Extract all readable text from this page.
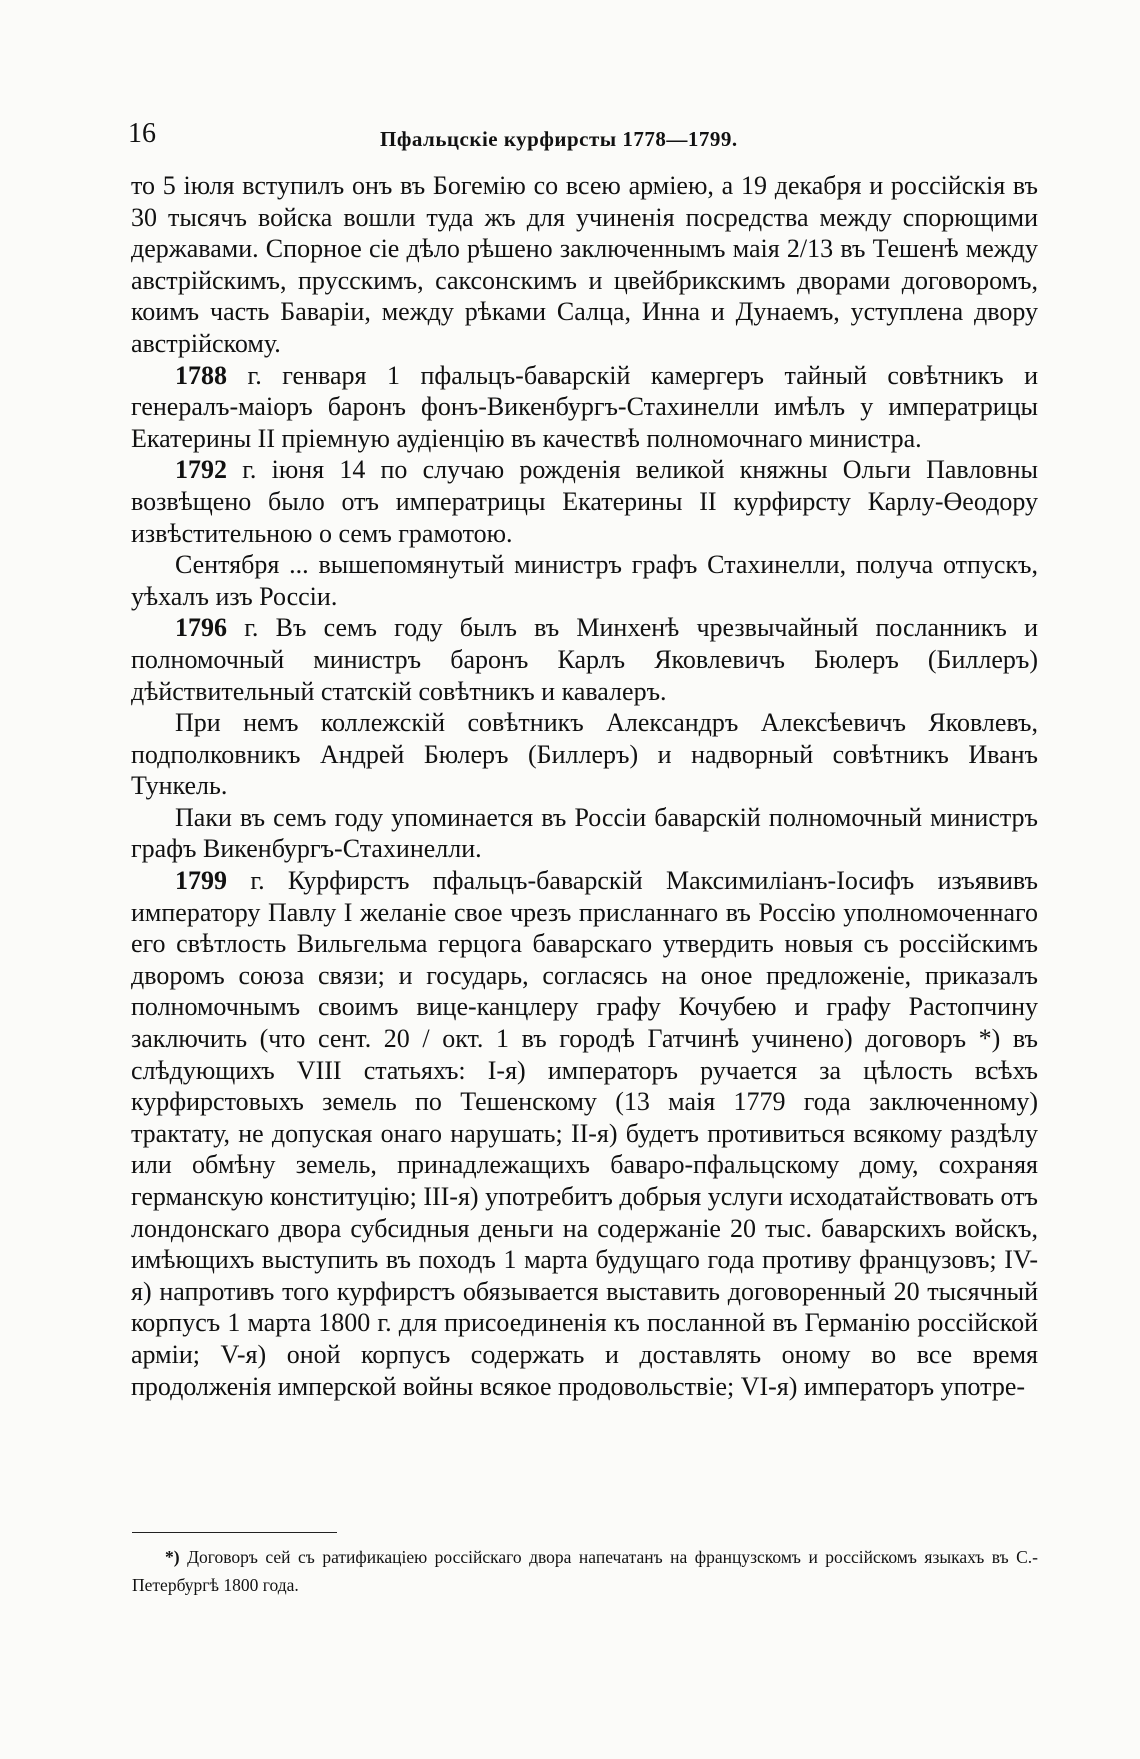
16	Пфальцскіе курфирсты 1778—1799.

то 5 іюля вступилъ онъ въ Богемію со всею арміею, а 19 декабря и россійскія въ 30 тысячъ войска вошли туда жъ для учиненія посредства между спорющими державами. Спорное сіе дѣло рѣшено заключеннымъ маія 2/13 въ Тешенѣ между австрійскимъ, прусскимъ, саксонскимъ и цвейбрикскимъ дворами договоромъ, коимъ часть Баваріи, между рѣками Салца, Инна и Дунаемъ, уступлена двору австрійскому.

1788 г. генваря 1 пфальцъ-баварскій камергеръ тайный совѣтникъ и генералъ-маіоръ баронъ фонъ-Викенбургъ-Стахинелли имѣлъ у императрицы Екатерины II пріемную аудіенцію въ качествѣ полномочнаго министра.

1792 г. іюня 14 по случаю рожденія великой княжны Ольги Павловны возвѣщено было отъ императрицы Екатерины II курфирсту Карлу-Өеодору извѣстительною о семъ грамотою.

Сентября ... вышепомянутый министръ графъ Стахинелли, получа отпускъ, уѣхалъ изъ Россіи.

1796 г. Въ семъ году былъ въ Минхенѣ чрезвычайный посланникъ и полномочный министръ баронъ Карлъ Яковлевичъ Бюлеръ (Биллеръ) дѣйствительный статскій совѣтникъ и кавалеръ.

При немъ коллежскій совѣтникъ Александръ Алексѣевичъ Яковлевъ, подполковникъ Андрей Бюлеръ (Биллеръ) и надворный совѣтникъ Иванъ Тункель.

Паки въ семъ году упоминается въ Россіи баварскій полномочный министръ графъ Викенбургъ-Стахинелли.

1799 г. Курфирстъ пфальцъ-баварскій Максимиліанъ-Іосифъ изъявивъ императору Павлу I желаніе свое чрезъ присланнаго въ Россію уполномоченнаго его свѣтлость Вильгельма герцога баварскаго утвердить новыя съ россійскимъ дворомъ союза связи; и государь, согласясь на оное предложеніе, приказалъ полномочнымъ своимъ вице-канцлеру графу Кочубею и графу Растопчину заключить (что сент. 20 / окт. 1 въ городѣ Гатчинѣ учинено) договоръ *) въ слѣдующихъ VIII статьяхъ: I-я) императоръ ручается за цѣлость всѣхъ курфирстовыхъ земель по Тешенскому (13 маія 1779 года заключенному) трактату, не допуская онаго нарушать; II-я) будетъ противиться всякому раздѣлу или обмѣну земель, принадлежащихъ баваро-пфальцскому дому, сохраняя германскую конституцію; III-я) употребитъ добрыя услуги исходатайствовать отъ лондонскаго двора субсидныя деньги на содержаніе 20 тыс. баварскихъ войскъ, имѣющихъ выступить въ походъ 1 марта будущаго года противу французовъ; IV-я) напротивъ того курфирстъ обязывается выставить договоренный 20 тысячный корпусъ 1 марта 1800 г. для присоединенія къ посланной въ Германію россійской арміи; V-я) оной корпусъ содержать и доставлять оному во все время продолженія имперской войны всякое продовольствіе; VI-я) императоръ употре-

*) Договоръ сей съ ратификаціею россійскаго двора напечатанъ на французскомъ и россійскомъ языкахъ въ С.-Петербургѣ 1800 года.
